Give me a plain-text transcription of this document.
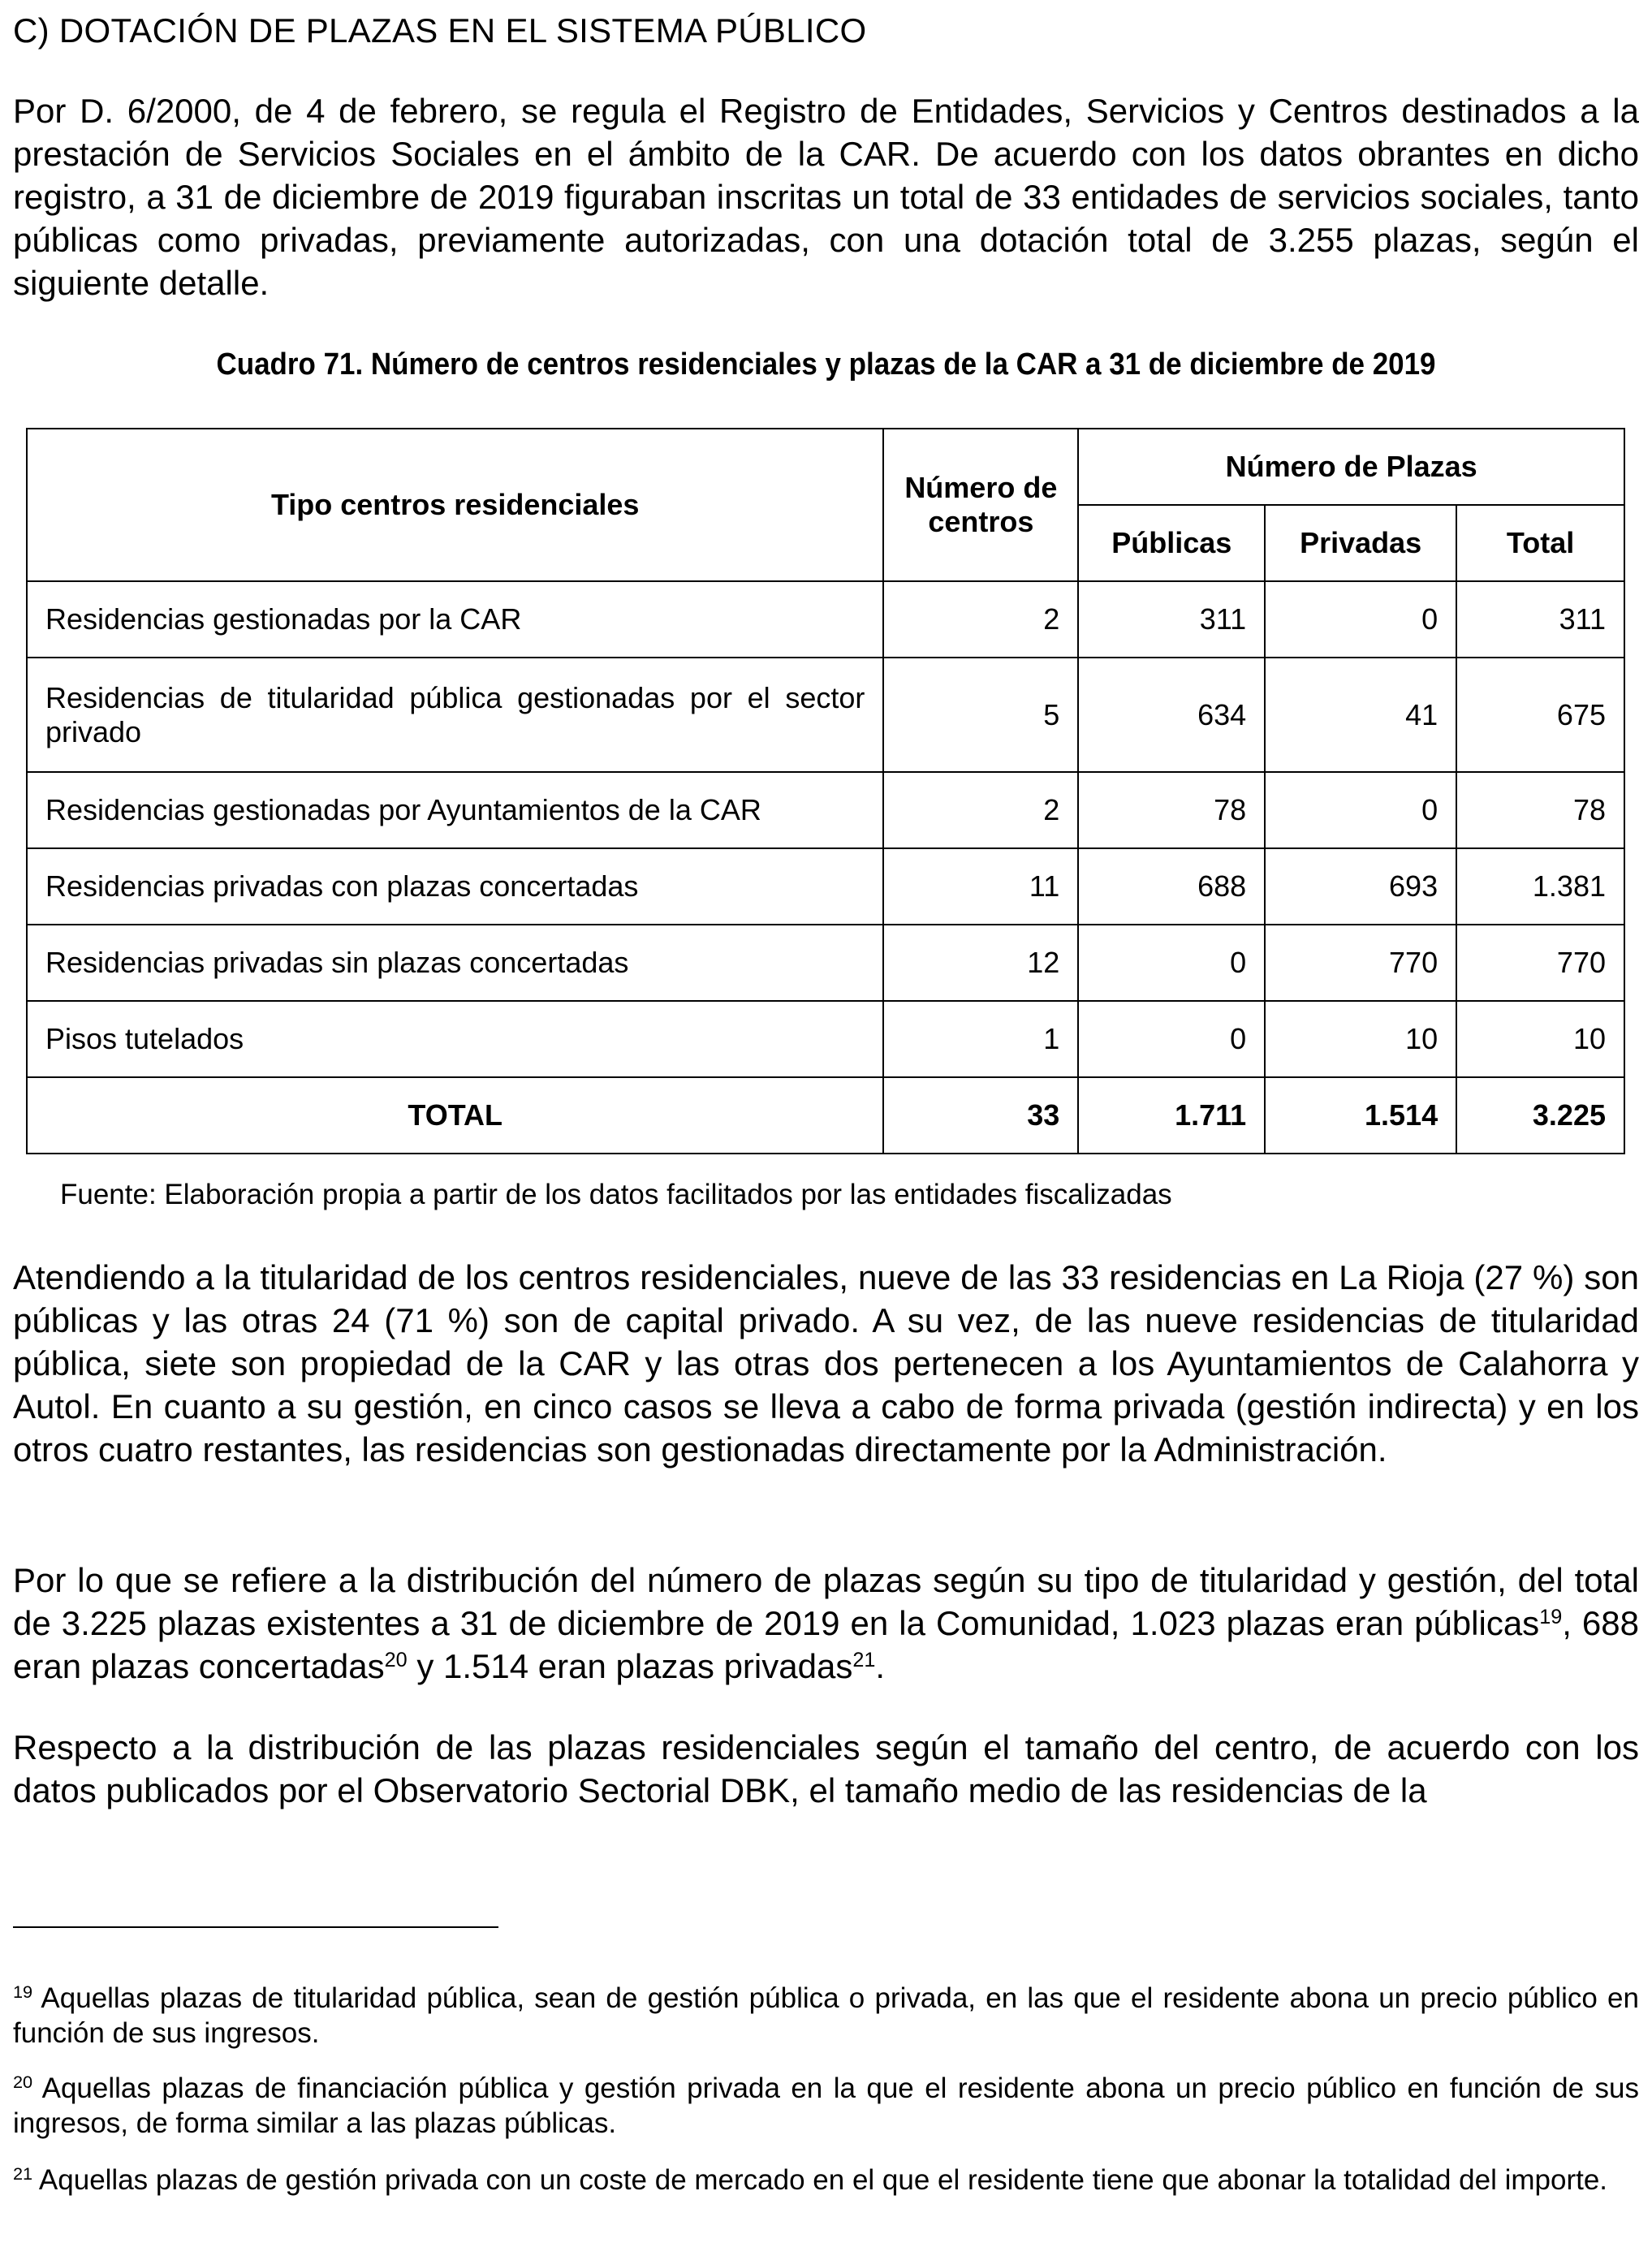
C) DOTACIÓN DE PLAZAS EN EL SISTEMA PÚBLICO

Por D. 6/2000, de 4 de febrero, se regula el Registro de Entidades, Servicios y Centros destinados a la prestación de Servicios Sociales en el ámbito de la CAR. De acuerdo con los datos obrantes en dicho registro, a 31 de diciembre de 2019 figuraban inscritas un total de 33 entidades de servicios sociales, tanto públicas como privadas, previamente autorizadas, con una dotación total de 3.255 plazas, según el siguiente detalle.

Cuadro 71. Número de centros residenciales y plazas de la CAR a 31 de diciembre de 2019
Tipo centros residenciales	Número de centros	Número de Plazas		
		Públicas	Privadas	Total
Residencias gestionadas por la CAR	2	311	0	311
Residencias de titularidad pública gestionadas por el sector privado	5	634	41	675
Residencias gestionadas por Ayuntamientos de la CAR	2	78	0	78
Residencias privadas con plazas concertadas	11	688	693	1.381
Residencias privadas sin plazas concertadas	12	0	770	770
Pisos tutelados	1	0	10	10
TOTAL	33	1.711	1.514	3.225
Fuente: Elaboración propia a partir de los datos facilitados por las entidades fiscalizadas

Atendiendo a la titularidad de los centros residenciales, nueve de las 33 residencias en La Rioja (27 %) son públicas y las otras 24 (71 %) son de capital privado. A su vez, de las nueve residencias de titularidad pública, siete son propiedad de la CAR y las otras dos pertenecen a los Ayuntamientos de Calahorra y Autol. En cuanto a su gestión, en cinco casos se lleva a cabo de forma privada (gestión indirecta) y en los otros cuatro restantes, las residencias son gestionadas directamente por la Administración.

Por lo que se refiere a la distribución del número de plazas según su tipo de titularidad y gestión, del total de 3.225 plazas existentes a 31 de diciembre de 2019 en la Comunidad, 1.023 plazas eran públicas$^{19}$, 688 eran plazas concertadas$^{20}$ y 1.514 eran plazas privadas$^{21}$.

Respecto a la distribución de las plazas residenciales según el tamaño del centro, de acuerdo con los datos publicados por el Observatorio Sectorial DBK, el tamaño medio de las residencias de la

$^{19}$ Aquellas plazas de titularidad pública, sean de gestión pública o privada, en las que el residente abona un precio público en función de sus ingresos.

$^{20}$ Aquellas plazas de financiación pública y gestión privada en la que el residente abona un precio público en función de sus ingresos, de forma similar a las plazas públicas.

$^{21}$ Aquellas plazas de gestión privada con un coste de mercado en el que el residente tiene que abonar la totalidad del importe.
